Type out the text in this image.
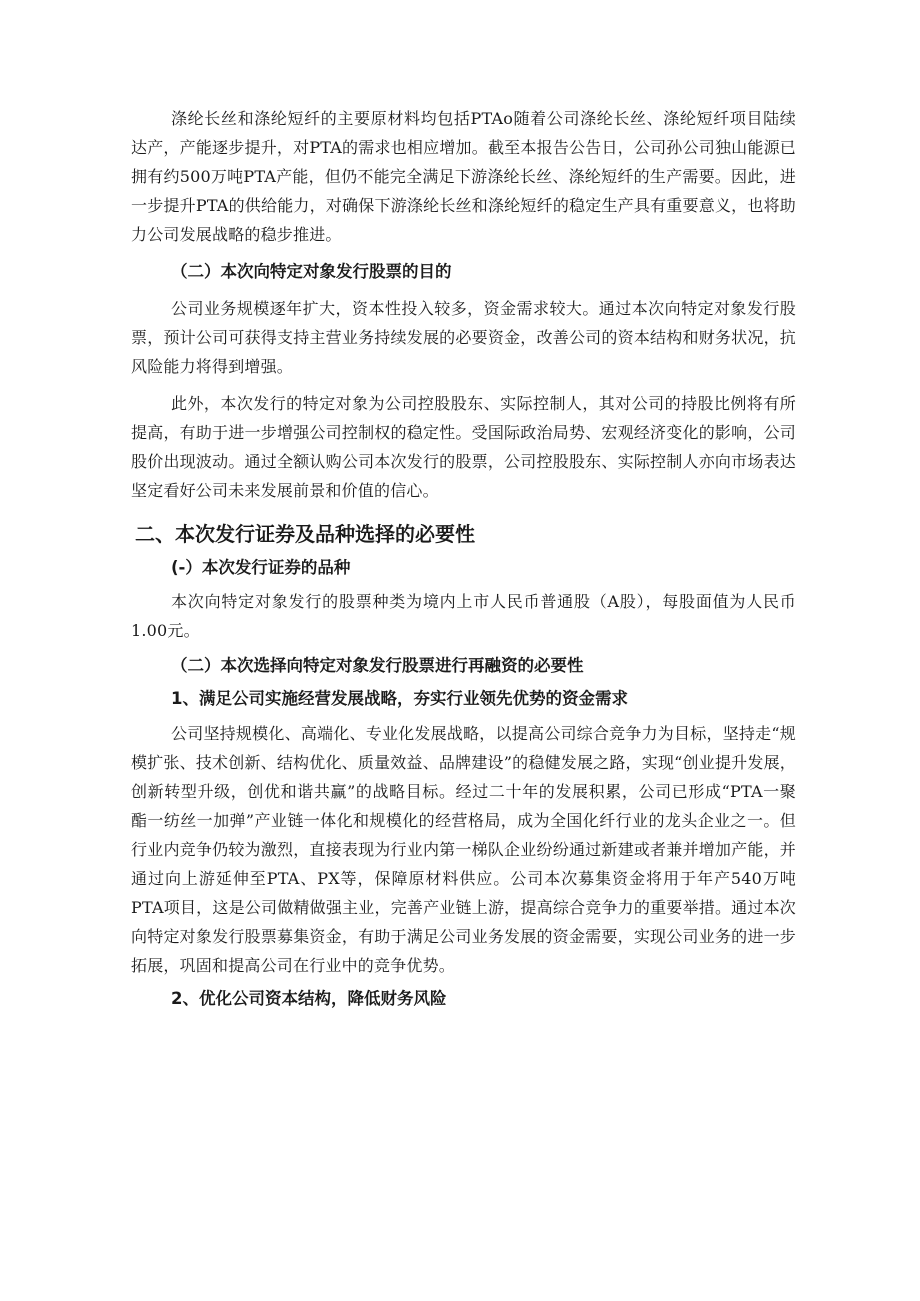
涤纶长丝和涤纶短纤的主要原材料均包括PTAo随着公司涤纶长丝、涤纶短纤项目陆续达产，产能逐步提升，对PTA的需求也相应增加。截至本报告公告日，公司孙公司独山能源已拥有约500万吨PTA产能，但仍不能完全满足下游涤纶长丝、涤纶短纤的生产需要。因此，进一步提升PTA的供给能力，对确保下游涤纶长丝和涤纶短纤的稳定生产具有重要意义，也将助力公司发展战略的稳步推进。

（二）本次向特定对象发行股票的目的

公司业务规模逐年扩大，资本性投入较多，资金需求较大。通过本次向特定对象发行股票，预计公司可获得支持主营业务持续发展的必要资金，改善公司的资本结构和财务状况，抗风险能力将得到增强。

此外，本次发行的特定对象为公司控股股东、实际控制人，其对公司的持股比例将有所提高，有助于进一步增强公司控制权的稳定性。受国际政治局势、宏观经济变化的影响，公司股价出现波动。通过全额认购公司本次发行的股票，公司控股股东、实际控制人亦向市场表达坚定看好公司未来发展前景和价值的信心。

二、本次发行证券及品种选择的必要性
(-）本次发行证券的品种

本次向特定对象发行的股票种类为境内上市人民币普通股（A股），每股面值为人民币1.00元。

（二）本次选择向特定对象发行股票进行再融资的必要性
1、满足公司实施经营发展战略，夯实行业领先优势的资金需求

公司坚持规模化、高端化、专业化发展战略，以提高公司综合竞争力为目标，坚持走“规模扩张、技术创新、结构优化、质量效益、品牌建设”的稳健发展之路，实现“创业提升发展，创新转型升级，创优和谐共赢”的战略目标。经过二十年的发展积累，公司已形成“PTA一聚酯一纺丝一加弹”产业链一体化和规模化的经营格局，成为全国化纤行业的龙头企业之一。但行业内竞争仍较为激烈，直接表现为行业内第一梯队企业纷纷通过新建或者兼并增加产能，并通过向上游延伸至PTA、PX等，保障原材料供应。公司本次募集资金将用于年产540万吨PTA项目，这是公司做精做强主业，完善产业链上游，提高综合竞争力的重要举措。通过本次向特定对象发行股票募集资金，有助于满足公司业务发展的资金需要，实现公司业务的进一步拓展，巩固和提高公司在行业中的竞争优势。

2、优化公司资本结构，降低财务风险
